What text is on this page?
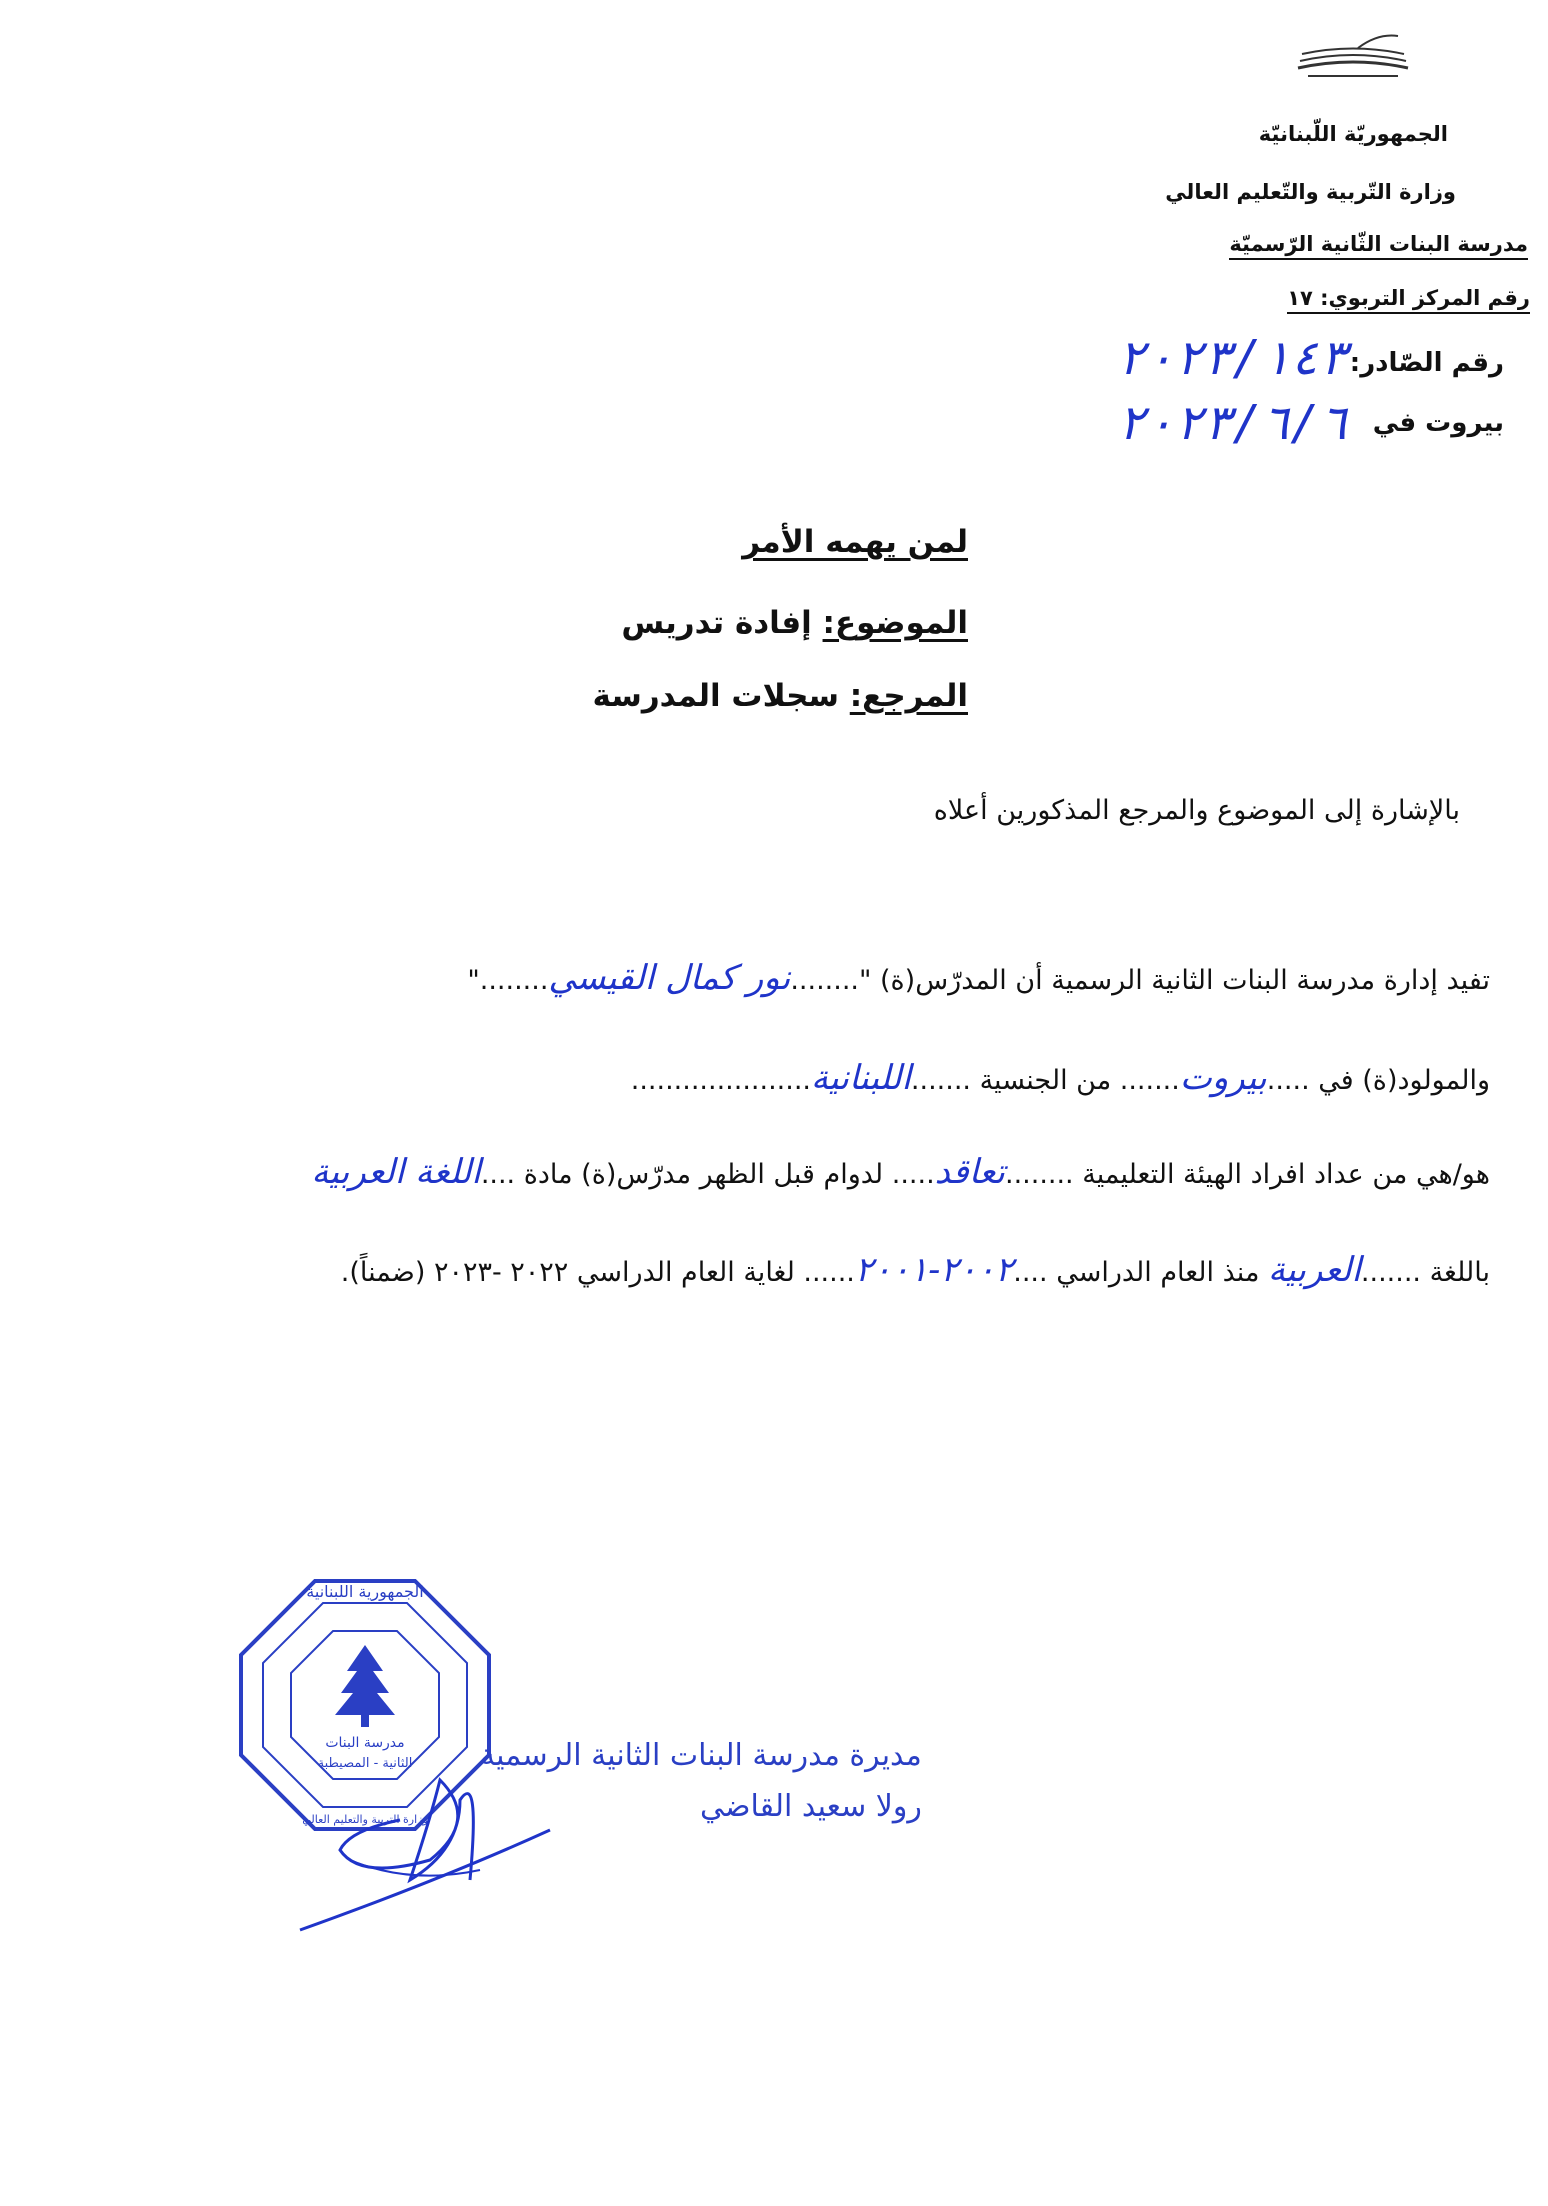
الجمهوريّة اللّبنانيّة
وزارة التّربية والتّعليم العالي
مدرسة البنات الثّانية الرّسميّة
رقم المركز التربوي: ١٧
رقم الصّادر:
٢٠٢٣/١٤٣
بيروت في
٢٠٢٣/٦/٦
لمن يهمه الأمر
الموضوع: إفادة تدريس
المرجع: سجلات المدرسة
بالإشارة إلى الموضوع والمرجع المذكورين أعلاه
تفيد إدارة مدرسة البنات الثانية الرسمية أن المدرّس(ة) "........نور كمال القيسي........"
والمولود(ة) في .....بيروت....... من الجنسية .......اللبنانية.....................
هو/هي من عداد افراد الهيئة التعليمية ........تعاقد..... لدوام قبل الظهر مدرّس(ة) مادة ....اللغة العربية
باللغة .......العربية منذ العام الدراسي ....٢٠٠٢-٢٠٠١...... لغاية العام الدراسي ٢٠٢٢ -٢٠٢٣ (ضمناً).
الجمهورية اللبنانية
مدرسة البنات
الثانية - المصيطبة
وزارة التربية والتعليم العالي
مديرة مدرسة البنات الثانية الرسمية
رولا سعيد القاضي
